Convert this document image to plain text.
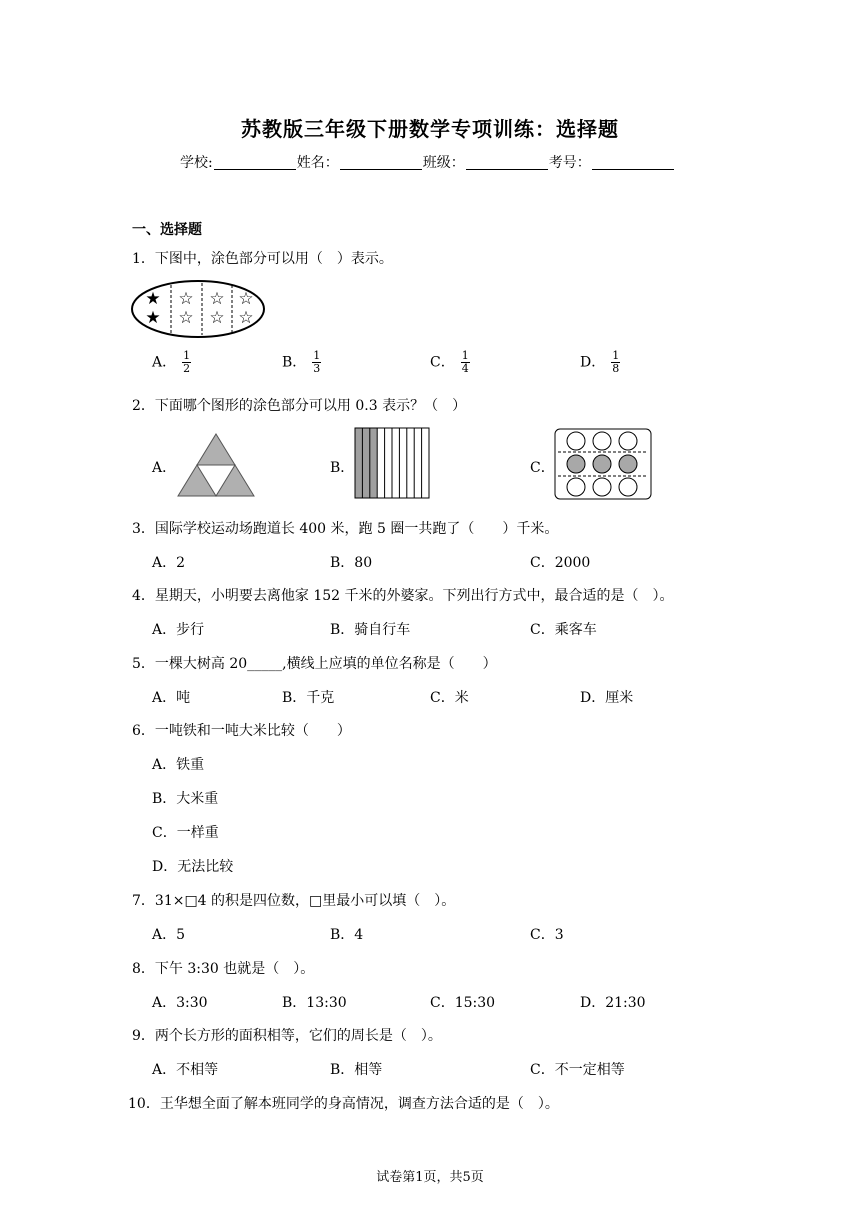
苏教版三年级下册数学专项训练：选择题
学校:	姓名：	班级：	考号：
一、选择题
1．下图中，涂色部分可以用（　）表示。
★
★
☆
☆
☆
☆
☆
☆
A． $\frac{1}{2}$	B． $\frac{1}{3}$	C． $\frac{1}{4}$	D． $\frac{1}{8}$
2．下面哪个图形的涂色部分可以用 0.3 表示？（　）
A．	B．	C．
3．国际学校运动场跑道长 400 米，跑 5 圈一共跑了（　　）千米。
A．2	B．80	C．2000
4．星期天，小明要去离他家 152 千米的外婆家。下列出行方式中，最合适的是（　）。
A．步行	B．骑自行车	C．乘客车
5．一棵大树高 20_____,横线上应填的单位名称是（　　）
A．吨	B．千克	C．米	D．厘米
6．一吨铁和一吨大米比较（　　）
A．铁重
B．大米重
C．一样重
D．无法比较
7．31×□4 的积是四位数，□里最小可以填（　）。
A．5	B．4	C．3
8．下午 3:30 也就是（　）。
A．3:30	B．13:30	C．15:30	D．21:30
9．两个长方形的面积相等，它们的周长是（　）。
A．不相等	B．相等	C．不一定相等
10．王华想全面了解本班同学的身高情况，调查方法合适的是（　）。
试卷第1页，共5页
